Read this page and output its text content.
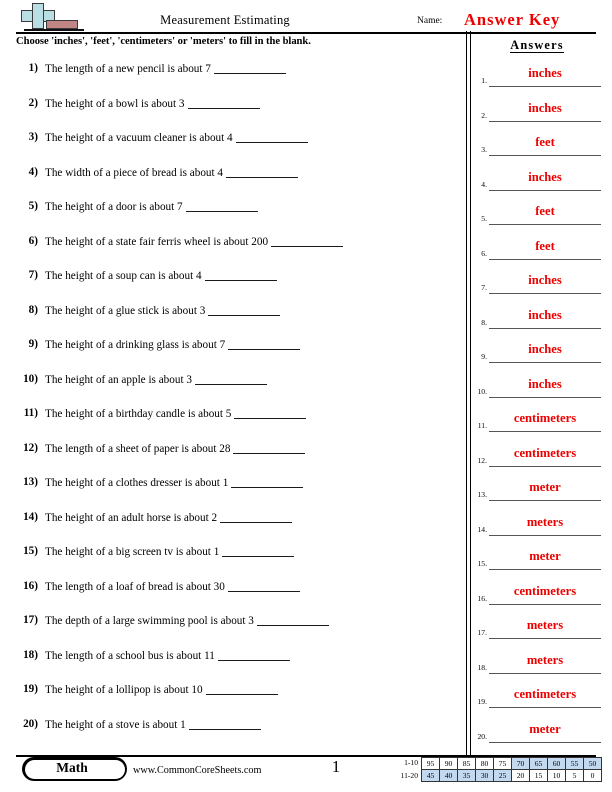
Measurement Estimating	Name: Answer Key
Choose 'inches', 'feet', 'centimeters' or 'meters' to fill in the blank.
1) The length of a new pencil is about 7
2) The height of a bowl is about 3
3) The height of a vacuum cleaner is about 4
4) The width of a piece of bread is about 4
5) The height of a door is about 7
6) The height of a state fair ferris wheel is about 200
7) The height of a soup can is about 4
8) The height of a glue stick is about 3
9) The height of a drinking glass is about 7
10) The height of an apple is about 3
11) The height of a birthday candle is about 5
12) The length of a sheet of paper is about 28
13) The height of a clothes dresser is about 1
14) The height of an adult horse is about 2
15) The height of a big screen tv is about 1
16) The length of a loaf of bread is about 30
17) The depth of a large swimming pool is about 3
18) The length of a school bus is about 11
19) The height of a lollipop is about 10
20) The height of a stove is about 1
Answers
1.
inches
2.
inches
3.
feet
4.
inches
5.
feet
6.
feet
7.
inches
8.
inches
9.
inches
10.
inches
11.
centimeters
12.
centimeters
13.
meter
14.
meters
15.
meter
16.
centimeters
17.
meters
18.
meters
19.
centimeters
20.
meter
Math	www.CommonCoreSheets.com	1	1-10
11-20
95	90	85	80	75	70	65	60	55	50
45	40	35	30	25	20	15	10	5	0
